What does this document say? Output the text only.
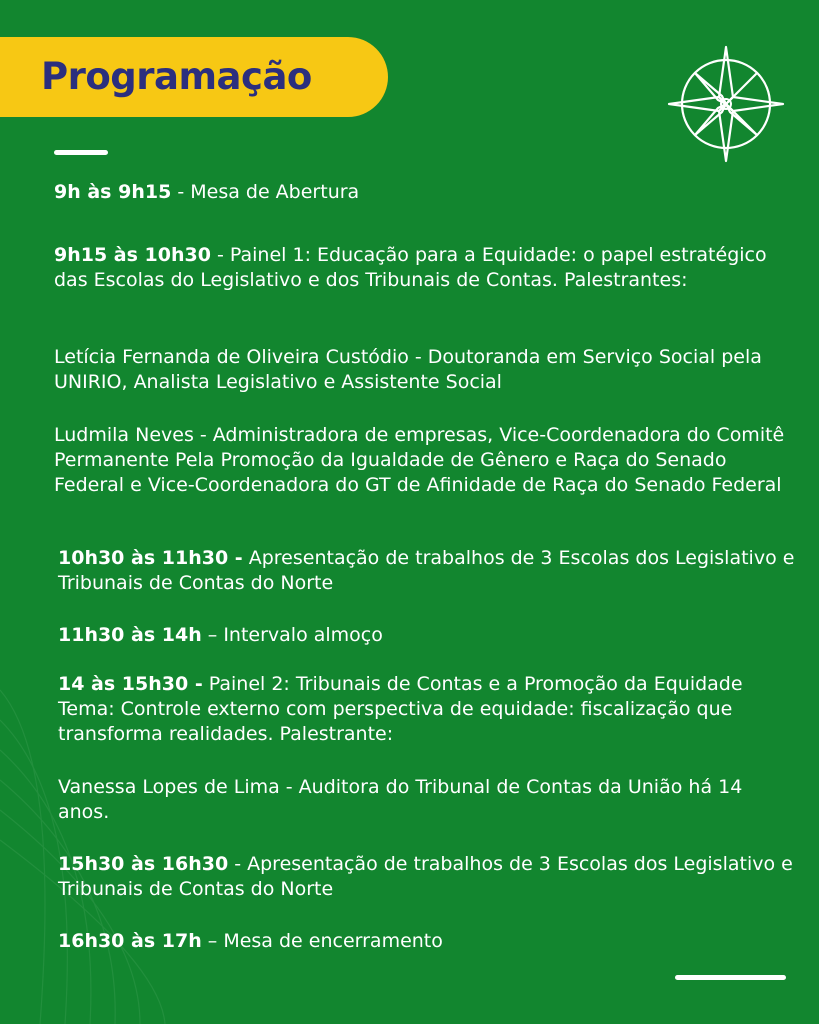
Programação

9h às 9h15 - Mesa de Abertura

9h15 às 10h30 - Painel 1: Educação para a Equidade: o papel estratégico das Escolas do Legislativo e dos Tribunais de Contas. Palestrantes:

Letícia Fernanda de Oliveira Custódio - Doutoranda em Serviço Social pela UNIRIO, Analista Legislativo e Assistente Social

Ludmila Neves - Administradora de empresas, Vice-Coordenadora do Comitê Permanente Pela Promoção da Igualdade de Gênero e Raça do Senado Federal e Vice-Coordenadora do GT de Afinidade de Raça do Senado Federal

10h30 às 11h30 - Apresentação de trabalhos de 3 Escolas dos Legislativo e Tribunais de Contas do Norte

11h30 às 14h – Intervalo almoço

14 às 15h30 - Painel 2: Tribunais de Contas e a Promoção da Equidade Tema: Controle externo com perspectiva de equidade: fiscalização que transforma realidades. Palestrante:

Vanessa Lopes de Lima - Auditora do Tribunal de Contas da União há 14 anos.

15h30 às 16h30 - Apresentação de trabalhos de 3 Escolas dos Legislativo e Tribunais de Contas do Norte

16h30 às 17h – Mesa de encerramento
